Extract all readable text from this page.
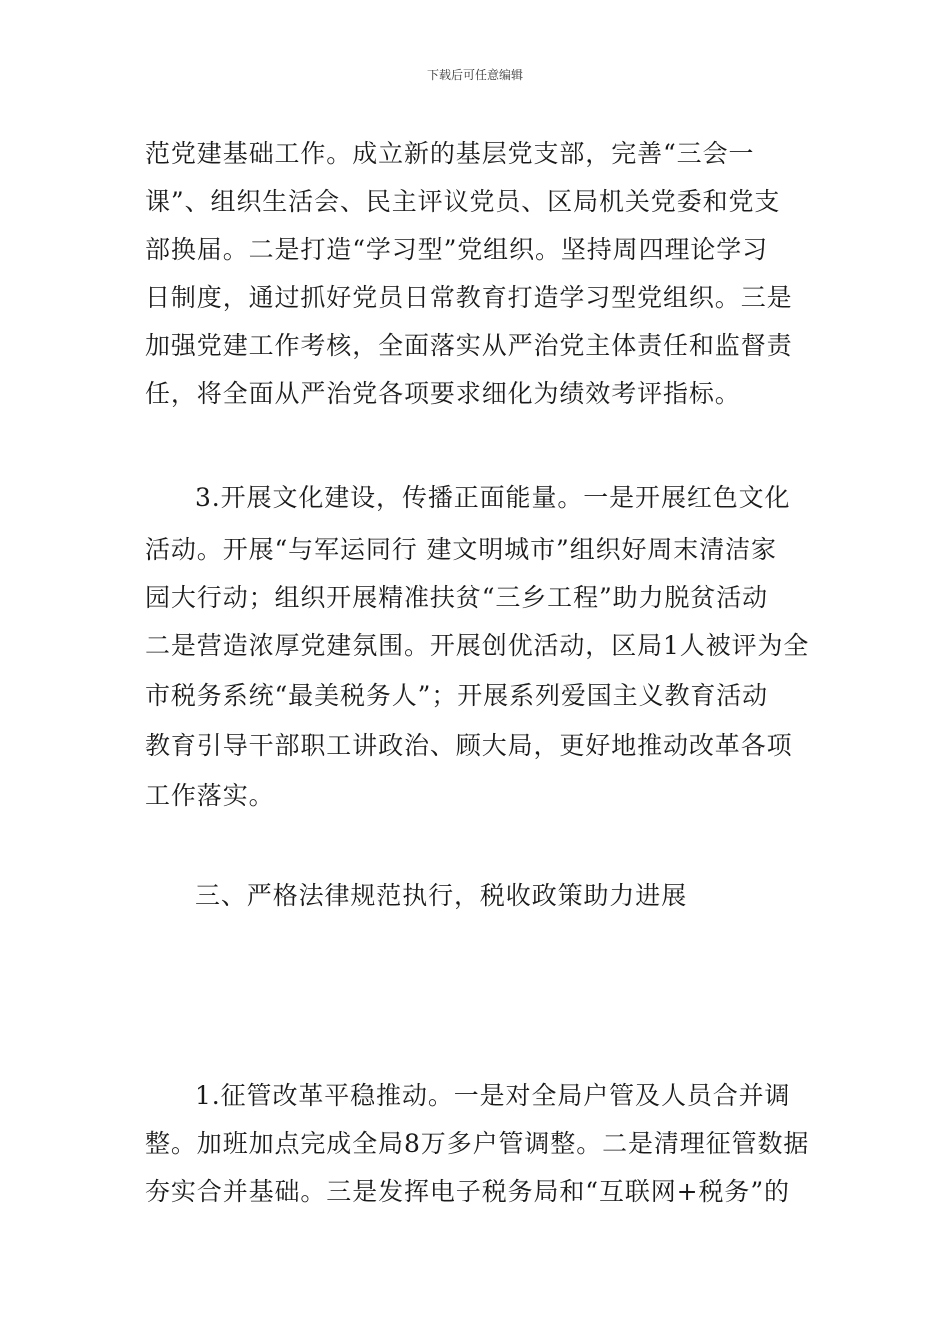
下载后可任意编辑
范党建基础工作。成立新的基层党支部，完善“三会一
课”、组织生活会、民主评议党员、区局机关党委和党支
部换届。二是打造“学习型”党组织。坚持周四理论学习
日制度，通过抓好党员日常教育打造学习型党组织。三是
加强党建工作考核，全面落实从严治党主体责任和监督责
任，将全面从严治党各项要求细化为绩效考评指标。
3.开展文化建设，传播正面能量。一是开展红色文化
活动。开展“与军运同行 建文明城市”组织好周末清洁家
园大行动；组织开展精准扶贫“三乡工程”助力脱贫活动
二是营造浓厚党建氛围。开展创优活动，区局1人被评为全
市税务系统“最美税务人”；开展系列爱国主义教育活动
教育引导干部职工讲政治、顾大局，更好地推动改革各项
工作落实。
三、严格法律规范执行，税收政策助力进展
1.征管改革平稳推动。一是对全局户管及人员合并调
整。加班加点完成全局8万多户管调整。二是清理征管数据
夯实合并基础。三是发挥电子税务局和“互联网+税务”的
